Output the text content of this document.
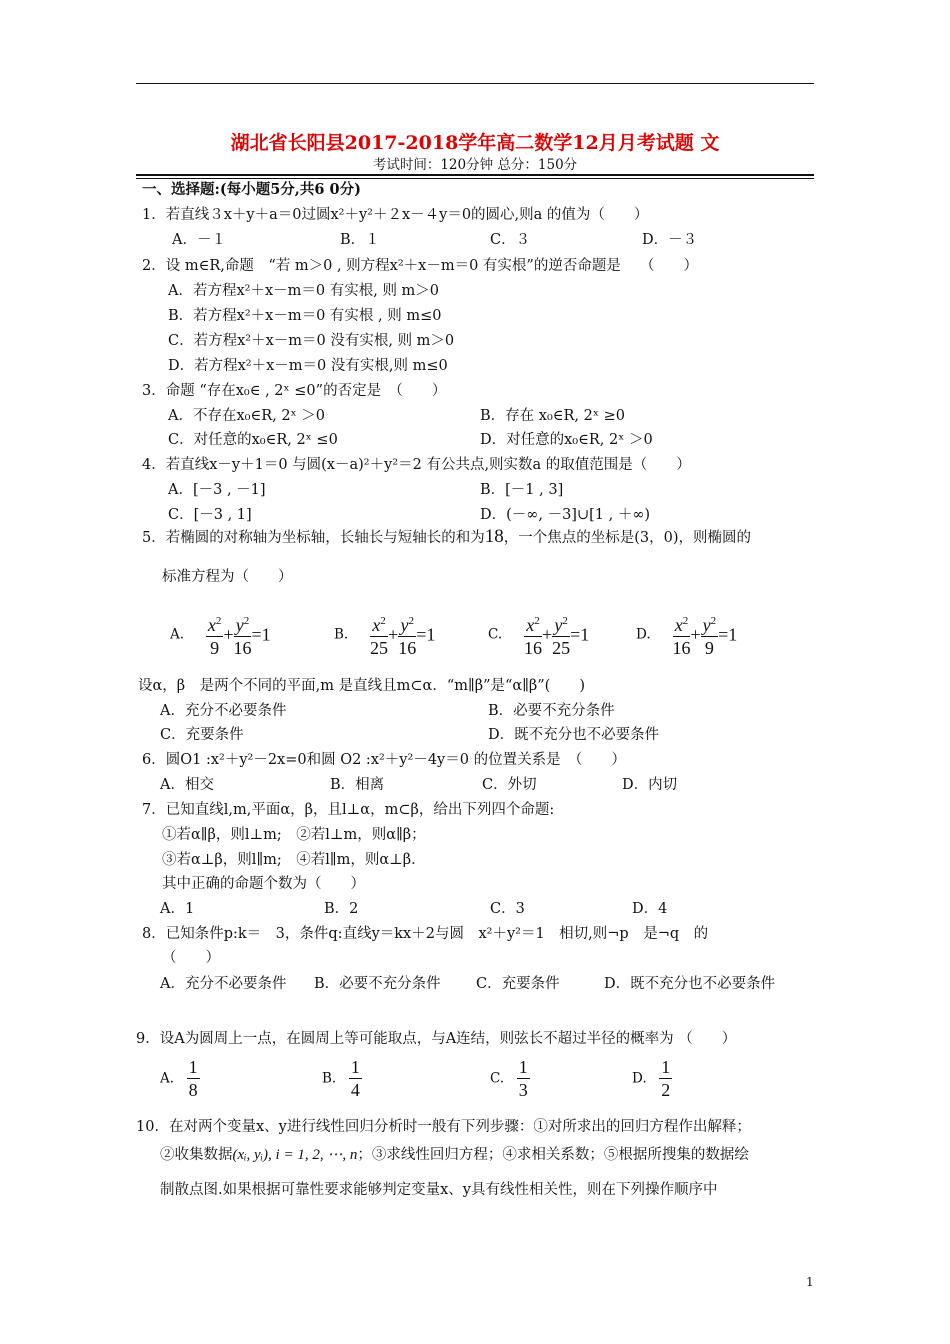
湖北省长阳县2017-2018学年高二数学12月月考试题 文
考试时间：120分钟 总分：150分
一、选择题:(每小题5分,共6 0分)
1．若直线３x＋y＋a＝0过圆x²＋y²＋２x－４y＝0的圆心,则a 的值为（　　）
A．－１	B．１	C．３	D．－３
2．设 m∈R,命题　“若 m＞0 , 则方程x²＋x－m＝0 有实根”的逆否命题是　 （　　）
A．若方程x²＋x－m＝0 有实根, 则 m＞0
B．若方程x²＋x－m＝0 有实根 , 则 m≤0
C．若方程x²＋x－m＝0 没有实根, 则 m＞0
D．若方程x²＋x－m＝0 没有实根,则 m≤0
3．命题 “存在x₀∈ , 2ˣ ≤0”的否定是　（　　）
A．不存在x₀∈R, 2ˣ ＞0	B．存在 x₀∈R, 2ˣ ≥0
C．对任意的x₀∈R, 2ˣ ≤0	D．对任意的x₀∈R, 2ˣ ＞0
4．若直线x－y＋1＝0 与圆(x－a)²＋y²＝2 有公共点,则实数a 的取值范围是（　　）
A．[－3 , －1]	B．[－1 , 3]
C．[－3 , 1]	D．(－∞, －3]∪[1 , ＋∞)
5．若椭圆的对称轴为坐标轴，长轴长与短轴长的和为18，一个焦点的坐标是(3，0)，则椭圆的
标准方程为（　　）
A. $\frac{x^2}{9} + \frac{y^2}{16} =1$	B. $\frac{x^2}{25} + \frac{y^2}{16} =1$	C. $\frac{x^2}{16} + \frac{y^2}{25} =1$	D. $\frac{x^2}{16} + \frac{y^2}{9} =1$
设α，β　是两个不同的平面,m 是直线且m⊂α．“m∥β”是“α∥β”(　　)
A．充分不必要条件	B．必要不充分条件
C．充要条件	D．既不充分也不必要条件
6．圆O1 :x²＋y²－2x=0和圆 O2 :x²＋y²－4y＝0 的位置关系是　（　　）
A．相交	B．相离	C．外切	D．内切
7．已知直线l,m,平面α，β，且l⊥α，m⊂β，给出下列四个命题:
①若α∥β，则l⊥m;　②若l⊥m，则α∥β；
③若α⊥β，则l∥m;　④若l∥m，则α⊥β．
其中正确的命题个数为（　　）
A．1	B．2	C．3	D．4
8．已知条件p:k＝　3，条件q:直线y＝kx＋2与圆　x²＋y²＝1　相切,则¬p　是¬q　的
（　　）
A．充分不必要条件 B．必要不充分条件 C．充要条件	D．既不充分也不必要条件
9．设A为圆周上一点，在圆周上等可能取点，与A连结，则弦长不超过半径的概率为 （　　）
A. $\frac{1}{8}$	B. $\frac{1}{4}$	C. $\frac{1}{3}$	D. $\frac{1}{2}$
10．在对两个变量x、y进行线性回归分析时一般有下列步骤：①对所求出的回归方程作出解释；
②收集数据(xᵢ, yᵢ), i = 1, 2, ⋯, n；③求线性回归方程；④求相关系数；⑤根据所搜集的数据绘
制散点图.如果根据可靠性要求能够判定变量x、y具有线性相关性，则在下列操作顺序中
1
